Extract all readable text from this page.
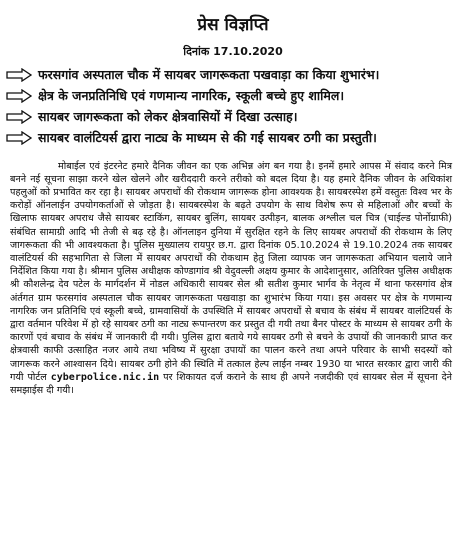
प्रेस विज्ञप्ति
दिनांक 17.10.2020
फरसगांव अस्पताल चौक में सायबर जागरूकता पखवाड़ा का किया शुभारंभ।
क्षेत्र के जनप्रतिनिधि एवं गणमान्य नागरिक, स्कूली बच्चे हुए शामिल।
सायबर जागरूकता को लेकर क्षेत्रवासियों में दिखा उत्साह।
सायबर वालंटियर्स द्वारा नाट्य के माध्यम से की गई सायबर ठगी का प्रस्तुती।

मोबाईल एवं इंटरनेट हमारे दैनिक जीवन का एक अभिन्न अंग बन गया है। इनमें हमारे आपस में संवाद करने मित्र बनने नई सूचना साझा करने खेल खेलने और खरीददारी करने तरीको को बदल दिया है। यह हमारे दैनिक जीवन के अधिकांश पहलुओं को प्रभावित कर रहा है। सायबर अपराधों की रोकथाम जागरूक होना आवश्यक है। सायबरस्पेश हमें वस्तुतः विश्व भर के करोड़ों ऑनलाईन उपयोगकर्ताओं से जोड़ता है। सायबरस्पेश के बढ़ते उपयोग के साथ विशेष रूप से महिलाओं और बच्चों के खिलाफ सायबर अपराध जैसे सायबर स्टाकिंग, सायबर बुलिंग, सायबर उत्पीड़न, बालक अश्लील चल चित्र (चाईल्ड पोर्नोग्राफी) संबंधित सामाग्री आदि भी तेजी से बढ़ रहे है। ऑनलाइन दुनिया में सुरक्षित रहने के लिए सायबर अपराधों की रोकथाम के लिए जागरूकता की भी आवश्यकता है। पुलिस मुख्यालय रायपुर छ.ग. द्वारा दिनांक 05.10.2024 से 19.10.2024 तक सायबर वालंटियर्स की सहभागिता से जिला में सायबर अपराधों की रोकथाम हेतु जिला व्यापक जन जागरूकता अभियान चलाये जाने निर्देशित किया गया है। श्रीमान पुलिस अधीक्षक कोण्डागांव श्री वेदुवल्ली अक्षय कुमार के आदेशानुसार, अतिरिक्त पुलिस अधीक्षक श्री कौशलेन्द्र देव पटेल के मार्गदर्शन में नोडल अधिकारी सायबर सेल श्री सतीश कुमार भार्गव के नेतृत्व में थाना फरसगांव क्षेत्र अंर्तगत ग्राम फरसगांव अस्पताल चौक सायबर जागरूकता पखवाड़ा का शुभारंभ किया गया। इस अवसर पर क्षेत्र के गणमान्य नागरिक जन प्रतिनिधि एवं स्कूली बच्चे, ग्रामवासियों के उपस्थिति में सायबर अपराधों से बचाव के संबंध में सायबर वालंटियर्स के द्वारा वर्तमान परिवेश में हो रहे सायबर ठगी का नाट्य रूपान्तरण कर प्रस्तुत दी गयी तथा बैनर पोस्टर के माध्यम से सायबर ठगी के कारणों एवं बचाव के संबंध में जानकारी दी गयी। पुलिस द्वारा बताये गये सायबर ठगी से बचने के उपायों की जानकारी प्राप्त कर क्षेत्रवासी काफी उत्साहित नजर आये तथा भविष्य में सुरक्षा उपायों का पालन करने तथा अपने परिवार के साभी सदस्यों को जागरूक करने आश्वासन दिये। सायबर ठगी होने की स्थिति में तत्काल हेल्प लाईन नम्बर 1930 या भारत सरकार द्वारा जारी की गयी पोर्टल cyberpolice.nic.in पर शिकायत दर्ज कराने के साथ ही अपने नजदीकी एवं सायबर सेल में सूचना देने समझाईस दी गयी।
